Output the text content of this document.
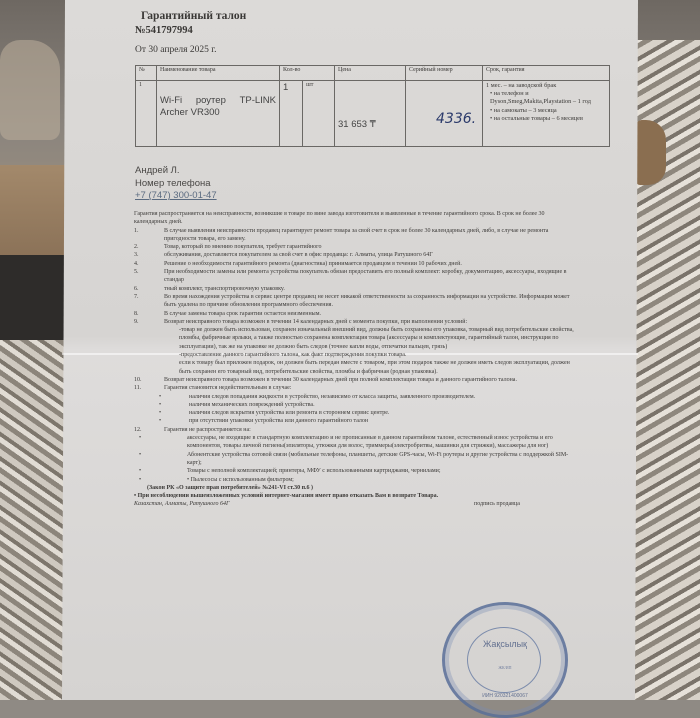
Гарантийный талон
№541797994
От 30 апреля 2025 г.
№	Наименование товара	Кол-во		Цена	Серийный номер	Срок, гарантия
1	Wi-Fi роутер TP-LINK Archer VR300	1	шт	31 653 ₸	4336.	1 мес. – на заводской брак
• на телефон и Dyson,Smeg,Makita,Playstation – 1 год
• на самокаты – 3 месяца
• на остальные товары – 6 месяцев
Андрей Л.
Номер телефона
+7 (747) 300-01-47
Гарантия распространяется на неисправности, возникшие в товаре по вине завода изготовителя и выявленные в течение гарантийного срока. В срок не более 30 календарных дней.
1.	В случае выявления неисправности продавец гарантирует ремонт товара за свой счет в срок не более 30 календарных дней, либо, в случае не ремонта пригодности товара, его замену.
2.	Товар, который по мнению покупателя, требует гарантийного
3.	обслуживания, доставляется покупателем за свой счет в офис продавца: г. Алматы, улица Ратушного 64Г
4.	Решение о необходимости гарантийного ремонта (диагностика) принимается продавцом в течении 10 рабочих дней.
5.	При необходимости замены или ремонта устройства покупатель обязан предоставить его полный комплект: коробку, документацию, аксессуары, входящие в стандар
6.	тный комплект, транспортировочную упаковку.
7.	Во время нахождения устройства в сервис центре продавец не несет никакой ответственности за сохранность информации на устройстве. Информация может быть удалена по причине обновления программного обеспечения.
8.	В случае замены товара срок гарантии остается неизменным.
9.	Возврат неисправного товара возможен в течении 14 календарных дней с момента покупки, при выполнении условий:
-товар не должен быть использован, сохранен изначальный внешний вид, должны быть сохранены его упаковка, товарный вид потребительские свойства, пломбы, фабричные ярлыки, а также полностью сохранена комплектация товара (аксессуары и комплектующие, гарантийный талон, инструкция по эксплуатации), так же на упаковке не должно быть следов (точнее капли воды, отпечатки пальцев, грязь)
-предоставление данного гарантийного талона, как факт подтверждения покупки товара.
если к товару был приложен подарок, он должен быть передан вместе с товаром, при этом подарок также не должен иметь следов эксплуатации, должен быть сохранен его товарный вид, потребительские свойства, пломбы и фабричная (родная упаковка).
10.	Возврат неисправного товара возможен в течении 30 календарных дней при полной комплектации товара и данного гарантийного талона.
11.	Гарантия становится недействительным в случае:
•	наличия следов попадания жидкости в устройство, независимо от класса защиты, заявленного производителем.
•	наличия механических повреждений устройства.
•	наличия следов вскрытия устройства или ремонта в стороннем сервис центре.
•	при отсутствии упаковки устройства или данного гарантийного талон
12.	Гарантия не распространяется на:
•	аксессуары, не входящие в стандартную комплектацию и не прописанные в данном гарантийном талоне, естественный износ устройства и его компонентов, товары личной гигиены(эпиляторы, утюжки для волос, триммеры(электробритвы, машинки для стрижки), массажеры для ног)
•	Абонентские устройства сотовой связи (мобильные телефоны, планшеты, детские GPS-часы, Wi-Fi роутеры и другие устройства с поддержкой SIM-карт);
•	Товары с неполной комплектацией; принтеры, МФУ с использованными картриджами, чернилами;
•	• Пылесосы с использованным фильтром;
(Закон РК «О защите прав потребителей» №241-VI ст.30 п.6 )
• При несоблюдении вышеизложенных условий интернет-магазин имеет право отказать Вам в возврате Товара.
Казахстан, Алматы, Ратушного 64Г	подпись продавца
Жақсылық
ЖК/ИП
ИИН 920321400067
